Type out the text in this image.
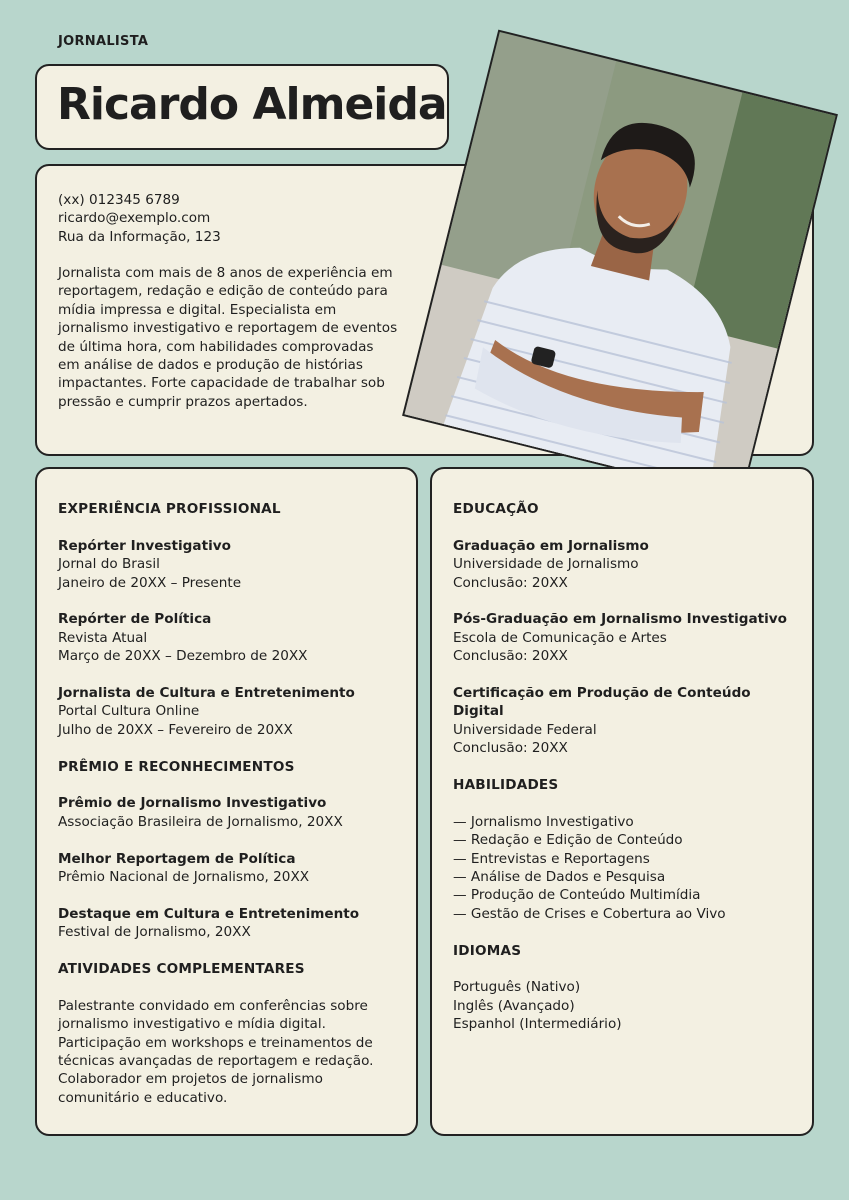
JORNALISTA
Ricardo Almeida
(xx) 012345 6789
ricardo@exemplo.com
Rua da Informação, 123
Jornalista com mais de 8 anos de experiência em reportagem, redação e edição de conteúdo para mídia impressa e digital. Especialista em jornalismo investigativo e reportagem de eventos de última hora, com habilidades comprovadas em análise de dados e produção de histórias impactantes. Forte capacidade de trabalhar sob pressão e cumprir prazos apertados.
EXPERIÊNCIA PROFISSIONAL
Repórter Investigativo
Jornal do Brasil
Janeiro de 20XX – Presente
Repórter de Política
Revista Atual
Março de 20XX – Dezembro de 20XX
Jornalista de Cultura e Entretenimento
Portal Cultura Online
Julho de 20XX – Fevereiro de 20XX
PRÊMIO E RECONHECIMENTOS
Prêmio de Jornalismo Investigativo
Associação Brasileira de Jornalismo, 20XX
Melhor Reportagem de Política
Prêmio Nacional de Jornalismo, 20XX
Destaque em Cultura e Entretenimento
Festival de Jornalismo, 20XX
ATIVIDADES COMPLEMENTARES
Palestrante convidado em conferências sobre jornalismo investigativo e mídia digital. Participação em workshops e treinamentos de técnicas avançadas de reportagem e redação. Colaborador em projetos de jornalismo comunitário e educativo.
EDUCAÇÃO
Graduação em Jornalismo
Universidade de Jornalismo
Conclusão: 20XX
Pós-Graduação em Jornalismo Investigativo
Escola de Comunicação e Artes
Conclusão: 20XX
Certificação em Produção de Conteúdo Digital
Universidade Federal
Conclusão: 20XX
HABILIDADES
— Jornalismo Investigativo
— Redação e Edição de Conteúdo
— Entrevistas e Reportagens
— Análise de Dados e Pesquisa
— Produção de Conteúdo Multimídia
— Gestão de Crises e Cobertura ao Vivo
IDIOMAS
Português (Nativo)
Inglês (Avançado)
Espanhol (Intermediário)
